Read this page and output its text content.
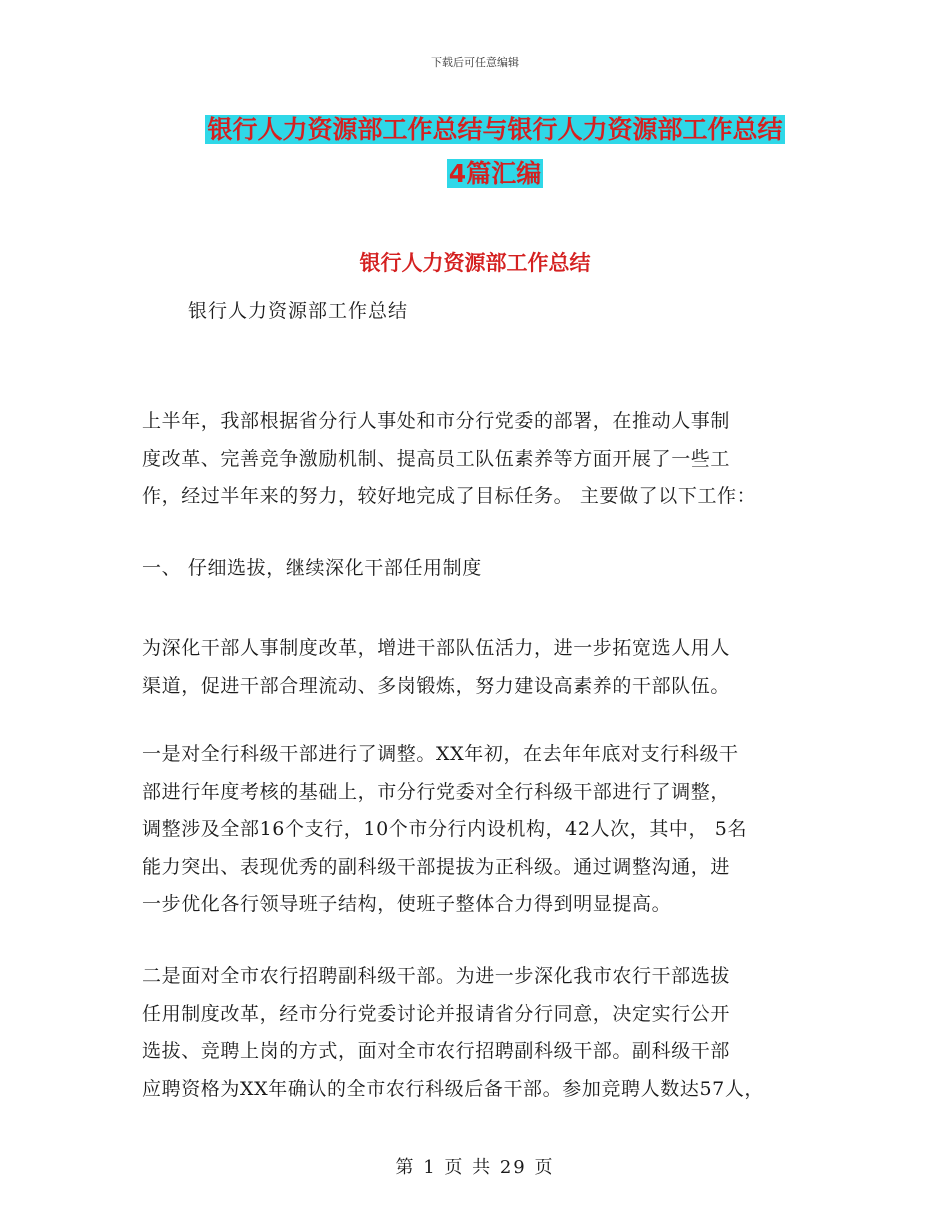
下载后可任意编辑
银行人力资源部工作总结与银行人力资源部工作总结
4篇汇编
银行人力资源部工作总结
银行人力资源部工作总结
上半年，我部根据省分行人事处和市分行党委的部署，在推动人事制
度改革、完善竞争激励机制、提高员工队伍素养等方面开展了一些工
作，经过半年来的努力，较好地完成了目标任务。 主要做了以下工作：
一、 仔细选拔，继续深化干部任用制度
为深化干部人事制度改革，增进干部队伍活力，进一步拓宽选人用人
渠道，促进干部合理流动、多岗锻炼，努力建设高素养的干部队伍。
一是对全行科级干部进行了调整。XX年初，在去年年底对支行科级干
部进行年度考核的基础上，市分行党委对全行科级干部进行了调整，
调整涉及全部16个支行，10个市分行内设机构，42人次，其中， 5名
能力突出、表现优秀的副科级干部提拔为正科级。通过调整沟通，进
一步优化各行领导班子结构，使班子整体合力得到明显提高。
二是面对全市农行招聘副科级干部。为进一步深化我市农行干部选拔
任用制度改革，经市分行党委讨论并报请省分行同意，决定实行公开
选拔、竞聘上岗的方式，面对全市农行招聘副科级干部。副科级干部
应聘资格为XX年确认的全市农行科级后备干部。参加竞聘人数达57人，
第 1 页 共 29 页
